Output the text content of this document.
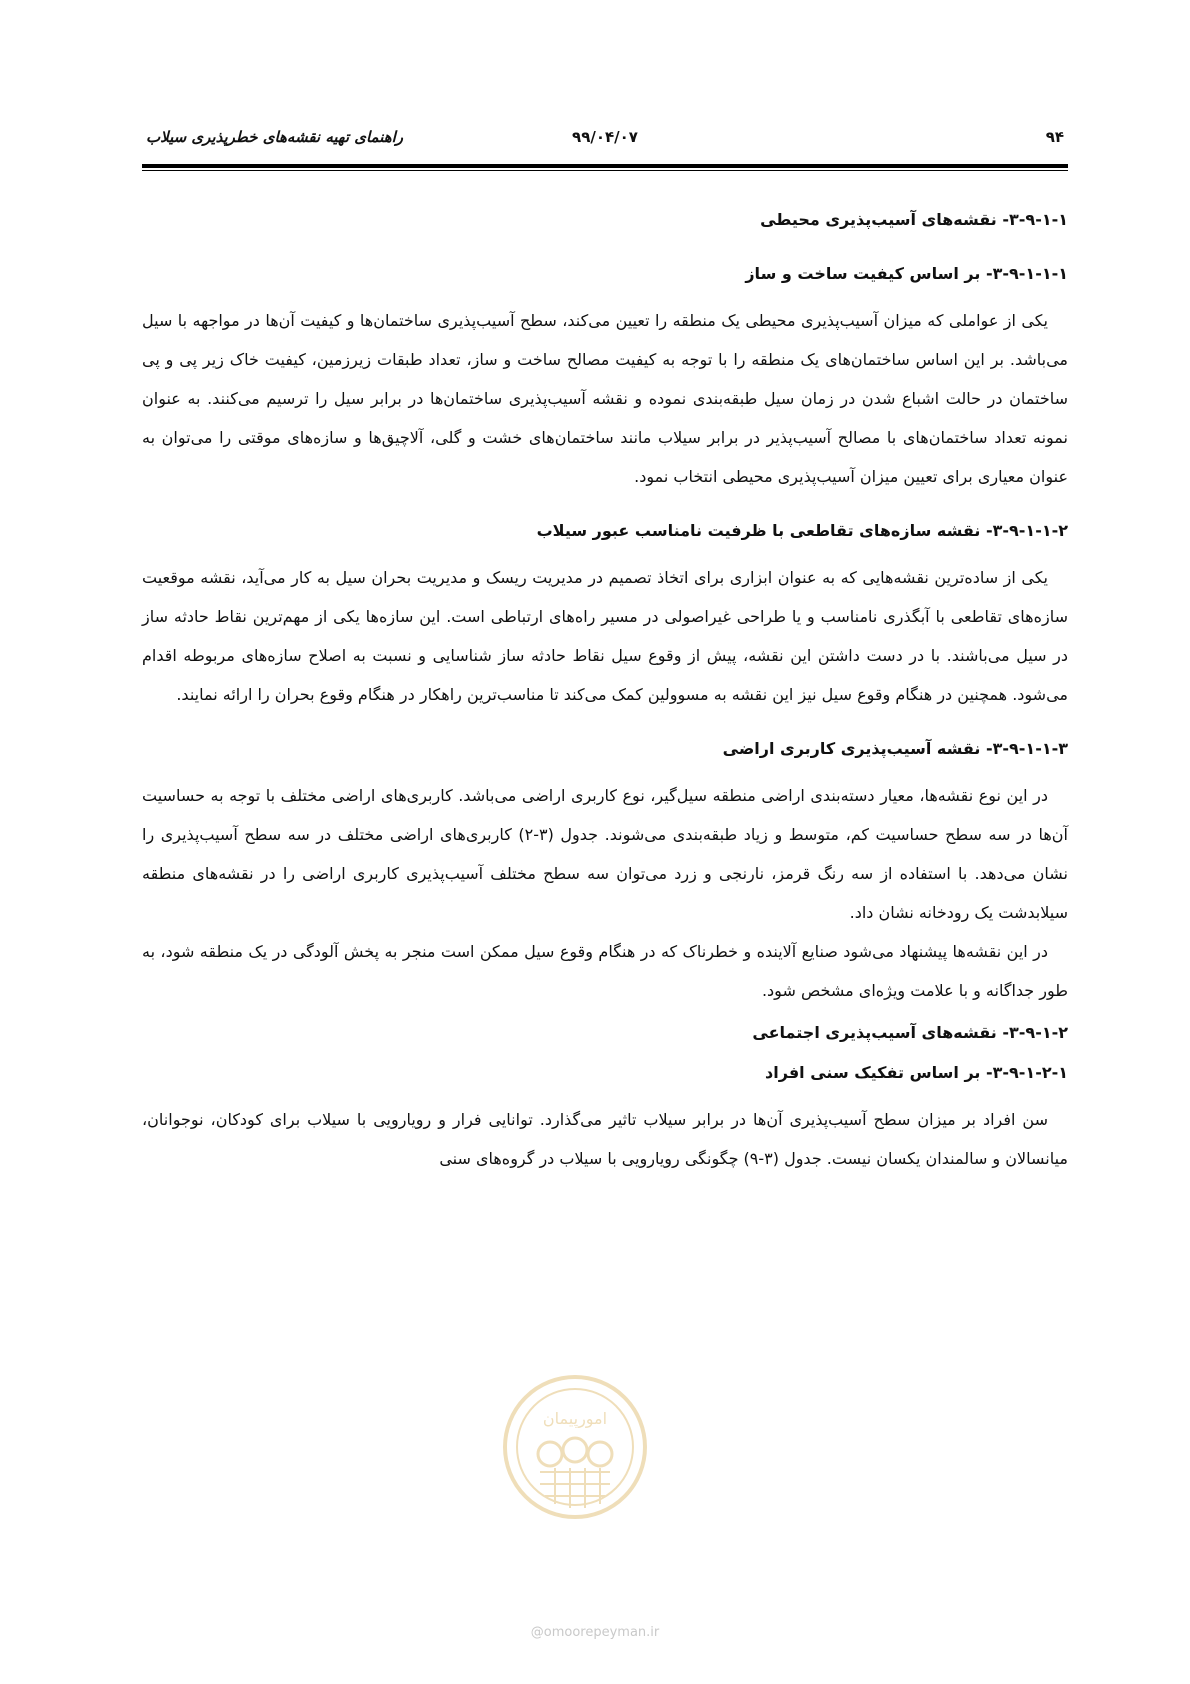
۹۴
۹۹/۰۴/۰۷
راهنمای تهیه نقشه‌های خطرپذیری سیلاب
۳-۹-۱-۱- نقشه‌های آسیب‌پذیری محیطی
۳-۹-۱-۱-۱- بر اساس کیفیت ساخت و ساز

یکی از عواملی که میزان آسیب‌پذیری محیطی یک منطقه را تعیین می‌کند، سطح آسیب‌پذیری ساختمان‌ها و کیفیت آن‌ها در مواجهه با سیل می‌باشد. بر این اساس ساختمان‌های یک منطقه را با توجه به کیفیت مصالح ساخت و ساز، تعداد طبقات زیرزمین، کیفیت خاک زیر پی و پی ساختمان در حالت اشباع شدن در زمان سیل طبقه‌بندی نموده و نقشه آسیب‌پذیری ساختمان‌ها در برابر سیل را ترسیم می‌کنند. به عنوان نمونه تعداد ساختمان‌های با مصالح آسیب‌پذیر در برابر سیلاب مانند ساختمان‌های خشت و گلی، آلاچیق‌ها و سازه‌های موقتی را می‌توان به عنوان معیاری برای تعیین میزان آسیب‌پذیری محیطی انتخاب نمود.

۳-۹-۱-۱-۲- نقشه سازه‌های تقاطعی با ظرفیت نامناسب عبور سیلاب

یکی از ساده‌ترین نقشه‌هایی که به عنوان ابزاری برای اتخاذ تصمیم در مدیریت ریسک و مدیریت بحران سیل به کار می‌آید، نقشه موقعیت سازه‌های تقاطعی با آبگذری نامناسب و یا طراحی غیراصولی در مسیر راه‌های ارتباطی است. این سازه‌ها یکی از مهم‌ترین نقاط حادثه ساز در سیل می‌باشند. با در دست داشتن این نقشه، پیش از وقوع سیل نقاط حادثه ساز شناسایی و نسبت به اصلاح سازه‌های مربوطه اقدام می‌شود. همچنین در هنگام وقوع سیل نیز این نقشه به مسوولین کمک می‌کند تا مناسب‌ترین راهکار در هنگام وقوع بحران را ارائه نمایند.

۳-۹-۱-۱-۳- نقشه آسیب‌پذیری کاربری اراضی

در این نوع نقشه‌ها، معیار دسته‌بندی اراضی منطقه سیل‌گیر، نوع کاربری اراضی می‌باشد. کاربری‌های اراضی مختلف با توجه به حساسیت آن‌ها در سه سطح حساسیت کم، متوسط و زیاد طبقه‌بندی می‌شوند. جدول (۳-۲) کاربری‌های اراضی مختلف در سه سطح آسیب‌پذیری را نشان می‌دهد. با استفاده از سه رنگ قرمز، نارنجی و زرد می‌توان سه سطح مختلف آسیب‌پذیری کاربری اراضی را در نقشه‌های منطقه سیلابدشت یک رودخانه نشان داد.

در این نقشه‌ها پیشنهاد می‌شود صنایع آلاینده و خطرناک که در هنگام وقوع سیل ممکن است منجر به پخش آلودگی در یک منطقه شود، به طور جداگانه و با علامت ویژه‌ای مشخص شود.

۳-۹-۱-۲- نقشه‌های آسیب‌پذیری اجتماعی
۳-۹-۱-۲-۱- بر اساس تفکیک سنی افراد

سن افراد بر میزان سطح آسیب‌پذیری آن‌ها در برابر سیلاب تاثیر می‌گذارد. توانایی فرار و رویارویی با سیلاب برای کودکان، نوجوانان، میانسالان و سالمندان یکسان نیست. جدول (۳-۹) چگونگی رویارویی با سیلاب در گروه‌های سنی

امورپیمان
@omoorepeyman.ir
